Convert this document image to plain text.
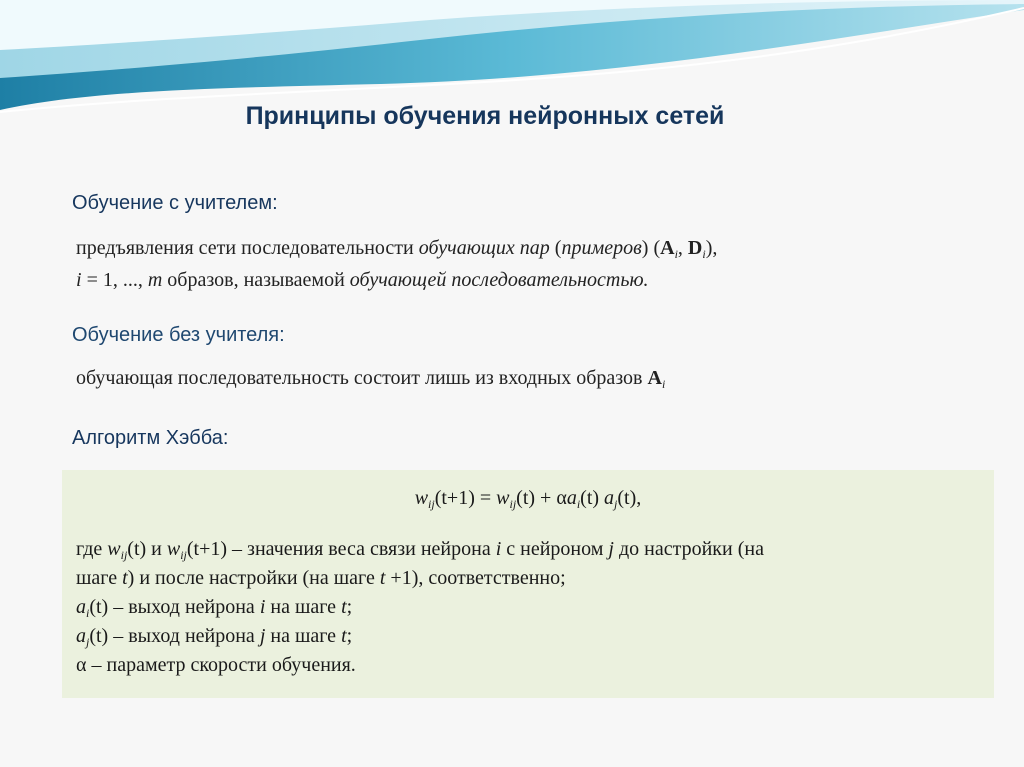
Принципы обучения нейронных сетей
Обучение с учителем:
предъявления сети последовательности обучающих пар (примеров) ($A_i$, $D_i$),
i = 1, ..., m образов, называемой обучающей последовательностью.
Обучение без учителя:
обучающая последовательность состоит лишь из входных образов $A_i$
Алгоритм Хэбба:
$w_{ij}(t+1) = w_{ij}(t) + \alpha a_i(t)$ $a_j(t)$,
где $w_{ij}(t)$ и $w_{ij}(t+1)$ – значения веса связи нейрона i с нейроном j до настройки (на
шаге t) и после настройки (на шаге t +1), соответственно;
$a_i(t)$ – выход нейрона i на шаге t;
$a_j(t)$ – выход нейрона j на шаге t;
α – параметр скорости обучения.
